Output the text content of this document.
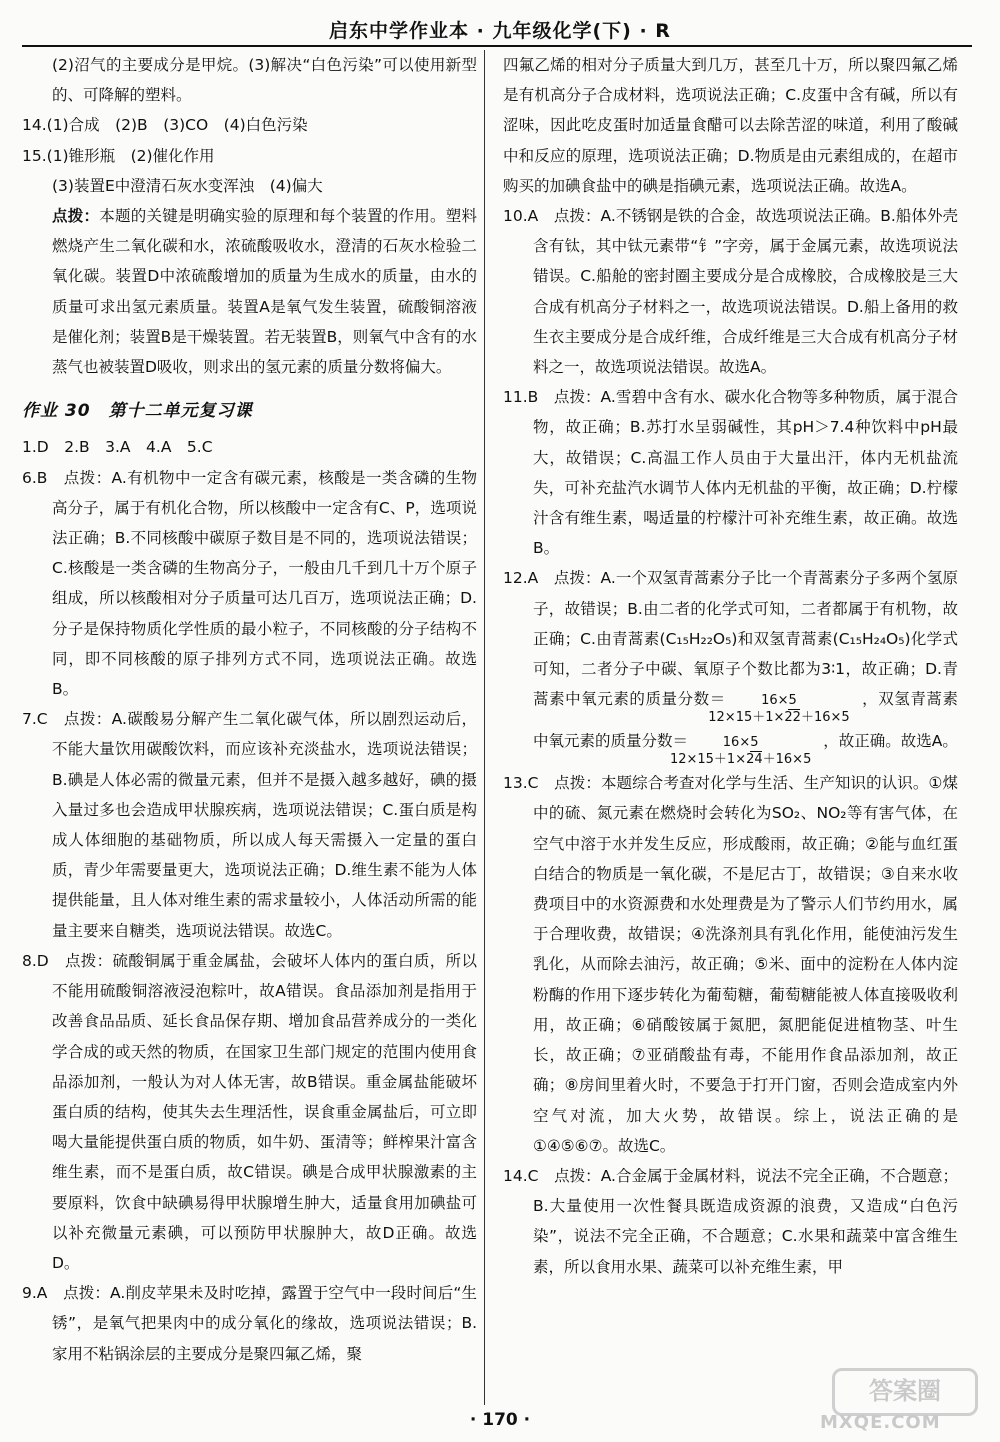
启东中学作业本 · 九年级化学(下) · R

(2)沼气的主要成分是甲烷。(3)解决“白色污染”可以使用新型的、可降解的塑料。

14.(1)合成　(2)B　(3)CO　(4)白色污染

15.(1)锥形瓶　(2)催化作用

(3)装置E中澄清石灰水变浑浊　(4)偏大

点拨：本题的关键是明确实验的原理和每个装置的作用。塑料燃烧产生二氧化碳和水，浓硫酸吸收水，澄清的石灰水检验二氧化碳。装置D中浓硫酸增加的质量为生成水的质量，由水的质量可求出氢元素质量。装置A是氧气发生装置，硫酸铜溶液是催化剂；装置B是干燥装置。若无装置B，则氧气中含有的水蒸气也被装置D吸收，则求出的氢元素的质量分数将偏大。

作业 30　第十二单元复习课

1.D　2.B　3.A　4.A　5.C

6.B　点拨：A.有机物中一定含有碳元素，核酸是一类含磷的生物高分子，属于有机化合物，所以核酸中一定含有C、P，选项说法正确；B.不同核酸中碳原子数目是不同的，选项说法错误；C.核酸是一类含磷的生物高分子，一般由几千到几十万个原子组成，所以核酸相对分子质量可达几百万，选项说法正确；D.分子是保持物质化学性质的最小粒子，不同核酸的分子结构不同，即不同核酸的原子排列方式不同，选项说法正确。故选B。

7.C　点拨：A.碳酸易分解产生二氧化碳气体，所以剧烈运动后，不能大量饮用碳酸饮料，而应该补充淡盐水，选项说法错误；B.碘是人体必需的微量元素，但并不是摄入越多越好，碘的摄入量过多也会造成甲状腺疾病，选项说法错误；C.蛋白质是构成人体细胞的基础物质，所以成人每天需摄入一定量的蛋白质，青少年需要量更大，选项说法正确；D.维生素不能为人体提供能量，且人体对维生素的需求量较小，人体活动所需的能量主要来自糖类，选项说法错误。故选C。

8.D　点拨：硫酸铜属于重金属盐，会破坏人体内的蛋白质，所以不能用硫酸铜溶液浸泡粽叶，故A错误。食品添加剂是指用于改善食品品质、延长食品保存期、增加食品营养成分的一类化学合成的或天然的物质，在国家卫生部门规定的范围内使用食品添加剂，一般认为对人体无害，故B错误。重金属盐能破坏蛋白质的结构，使其失去生理活性，误食重金属盐后，可立即喝大量能提供蛋白质的物质，如牛奶、蛋清等；鲜榨果汁富含维生素，而不是蛋白质，故C错误。碘是合成甲状腺激素的主要原料，饮食中缺碘易得甲状腺增生肿大，适量食用加碘盐可以补充微量元素碘，可以预防甲状腺肿大，故D正确。故选D。

9.A　点拨：A.削皮苹果未及时吃掉，露置于空气中一段时间后“生锈”，是氧气把果肉中的成分氧化的缘故，选项说法错误；B.家用不粘锅涂层的主要成分是聚四氟乙烯，聚

四氟乙烯的相对分子质量大到几万，甚至几十万，所以聚四氟乙烯是有机高分子合成材料，选项说法正确；C.皮蛋中含有碱，所以有涩味，因此吃皮蛋时加适量食醋可以去除苦涩的味道，利用了酸碱中和反应的原理，选项说法正确；D.物质是由元素组成的，在超市购买的加碘食盐中的碘是指碘元素，选项说法正确。故选A。

10.A　点拨：A.不锈钢是铁的合金，故选项说法正确。B.船体外壳含有钛，其中钛元素带“钅”字旁，属于金属元素，故选项说法错误。C.船舱的密封圈主要成分是合成橡胶，合成橡胶是三大合成有机高分子材料之一，故选项说法错误。D.船上备用的救生衣主要成分是合成纤维，合成纤维是三大合成有机高分子材料之一，故选项说法错误。故选A。

11.B　点拨：A.雪碧中含有水、碳水化合物等多种物质，属于混合物，故正确；B.苏打水呈弱碱性，其pH＞7.4种饮料中pH最大，故错误；C.高温工作人员由于大量出汗，体内无机盐流失，可补充盐汽水调节人体内无机盐的平衡，故正确；D.柠檬汁含有维生素，喝适量的柠檬汁可补充维生素，故正确。故选B。

12.A　点拨：A.一个双氢青蒿素分子比一个青蒿素分子多两个氢原子，故错误；B.由二者的化学式可知，二者都属于有机物，故正确；C.由青蒿素(C₁₅H₂₂O₅)和双氢青蒿素(C₁₅H₂₄O₅)化学式可知，二者分子中碳、氧原子个数比都为3∶1，故正确；D.青蒿素中氧元素的质量分数＝ $\frac{16\times 5}{12\times 15+1\times 22+16\times 5}$ ，双氢青蒿素中氧元素的质量分数＝ $\frac{16\times 5}{12\times 15+1\times 24+16\times 5}$ ，故正确。故选A。

13.C　点拨：本题综合考查对化学与生活、生产知识的认识。①煤中的硫、氮元素在燃烧时会转化为SO₂、NO₂等有害气体，在空气中溶于水并发生反应，形成酸雨，故正确；②能与血红蛋白结合的物质是一氧化碳，不是尼古丁，故错误；③自来水收费项目中的水资源费和水处理费是为了警示人们节约用水，属于合理收费，故错误；④洗涤剂具有乳化作用，能使油污发生乳化，从而除去油污，故正确；⑤米、面中的淀粉在人体内淀粉酶的作用下逐步转化为葡萄糖，葡萄糖能被人体直接吸收利用，故正确；⑥硝酸铵属于氮肥，氮肥能促进植物茎、叶生长，故正确；⑦亚硝酸盐有毒，不能用作食品添加剂，故正确；⑧房间里着火时，不要急于打开门窗，否则会造成室内外空气对流，加大火势，故错误。综上，说法正确的是①④⑤⑥⑦。故选C。

14.C　点拨：A.合金属于金属材料，说法不完全正确，不合题意；B.大量使用一次性餐具既造成资源的浪费，又造成“白色污染”，说法不完全正确，不合题意；C.水果和蔬菜中富含维生素，所以食用水果、蔬菜可以补充维生素，甲

· 170 ·
答案圈
MXQE.COM
